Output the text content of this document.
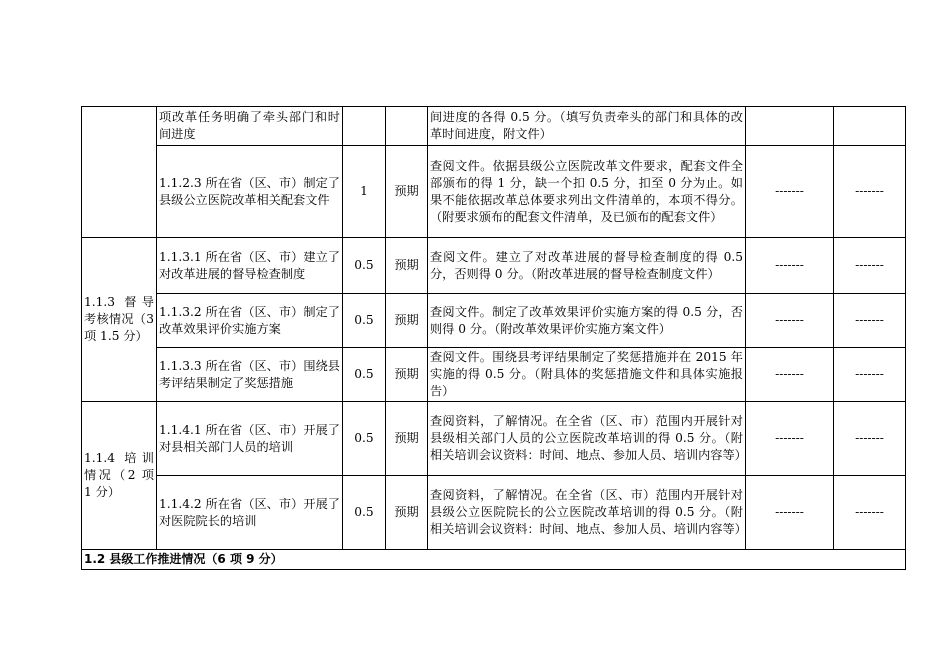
	项改革任务明确了牵头部门和时间进度			间进度的各得 0.5 分。（填写负责牵头的部门和具体的改革时间进度，附文件）		
	1.1.2.3 所在省（区、市）制定了县级公立医院改革相关配套文件	1	预期	查阅文件。依据县级公立医院改革文件要求，配套文件全部颁布的得 1 分，缺一个扣 0.5 分，扣至 0 分为止。如果不能依据改革总体要求列出文件清单的，本项不得分。（附要求颁布的配套文件清单，及已颁布的配套文件）	-------	-------
1.1.3 督导考核情况（3 项 1.5 分）	1.1.3.1 所在省（区、市）建立了对改革进展的督导检查制度	0.5	预期	查阅文件。建立了对改革进展的督导检查制度的得 0.5 分，否则得 0 分。（附改革进展的督导检查制度文件）	-------	-------
	1.1.3.2 所在省（区、市）制定了改革效果评价实施方案	0.5	预期	查阅文件。制定了改革效果评价实施方案的得 0.5 分，否则得 0 分。（附改革效果评价实施方案文件）	-------	-------
	1.1.3.3 所在省（区、市）围绕县考评结果制定了奖惩措施	0.5	预期	查阅文件。围绕县考评结果制定了奖惩措施并在 2015 年实施的得 0.5 分。（附具体的奖惩措施文件和具体实施报告）	-------	-------
1.1.4 培训情况（2 项 1 分）	1.1.4.1 所在省（区、市）开展了对县相关部门人员的培训	0.5	预期	查阅资料，了解情况。在全省（区、市）范围内开展针对县级相关部门人员的公立医院改革培训的得 0.5 分。（附相关培训会议资料：时间、地点、参加人员、培训内容等）	-------	-------
	1.1.4.2 所在省（区、市）开展了对医院院长的培训	0.5	预期	查阅资料，了解情况。在全省（区、市）范围内开展针对县级公立医院院长的公立医院改革培训的得 0.5 分。（附相关培训会议资料：时间、地点、参加人员、培训内容等）	-------	-------
1.2 县级工作推进情况（6 项 9 分）						
